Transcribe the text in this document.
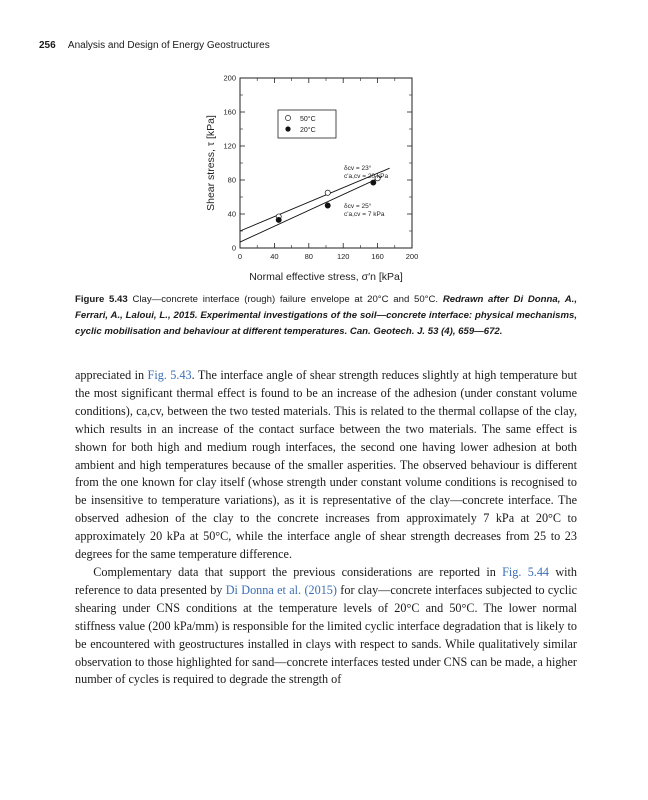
256 Analysis and Design of Energy Geostructures
0	40	80	120	160	200
0
40
80
120
160
200
50°C
20°C
δcv = 23°
c'a,cv = 20 kPa
δcv = 25°
c'a,cv = 7 kPa
Normal effective stress, σ′n [kPa]
Shear stress, τ [kPa]
Figure 5.43 Clay—concrete interface (rough) failure envelope at 20°C and 50°C. Redrawn after Di Donna, A., Ferrari, A., Laloui, L., 2015. Experimental investigations of the soil—concrete interface: physical mechanisms, cyclic mobilisation and behaviour at different temperatures. Can. Geotech. J. 53 (4), 659—672.

appreciated in Fig. 5.43. The interface angle of shear strength reduces slightly at high temperature but the most significant thermal effect is found to be an increase of the adhesion (under constant volume conditions), ca,cv, between the two tested materials. This is related to the thermal collapse of the clay, which results in an increase of the contact surface between the two materials. The same effect is shown for both high and medium rough interfaces, the second one having lower adhesion at both ambient and high temperatures because of the smaller asperities. The observed behaviour is different from the one known for clay itself (whose strength under constant volume conditions is recognised to be insensitive to temperature variations), as it is representative of the clay—concrete interface. The observed adhesion of the clay to the concrete increases from approximately 7 kPa at 20°C to approximately 20 kPa at 50°C, while the interface angle of shear strength decreases from 25 to 23 degrees for the same temperature difference.

Complementary data that support the previous considerations are reported in Fig. 5.44 with reference to data presented by Di Donna et al. (2015) for clay—concrete interfaces subjected to cyclic shearing under CNS conditions at the temperature levels of 20°C and 50°C. The lower normal stiffness value (200 kPa/mm) is responsible for the limited cyclic interface degradation that is likely to be encountered with geostructures installed in clays with respect to sands. While qualitatively similar observation to those highlighted for sand—concrete interfaces tested under CNS can be made, a higher number of cycles is required to degrade the strength of
